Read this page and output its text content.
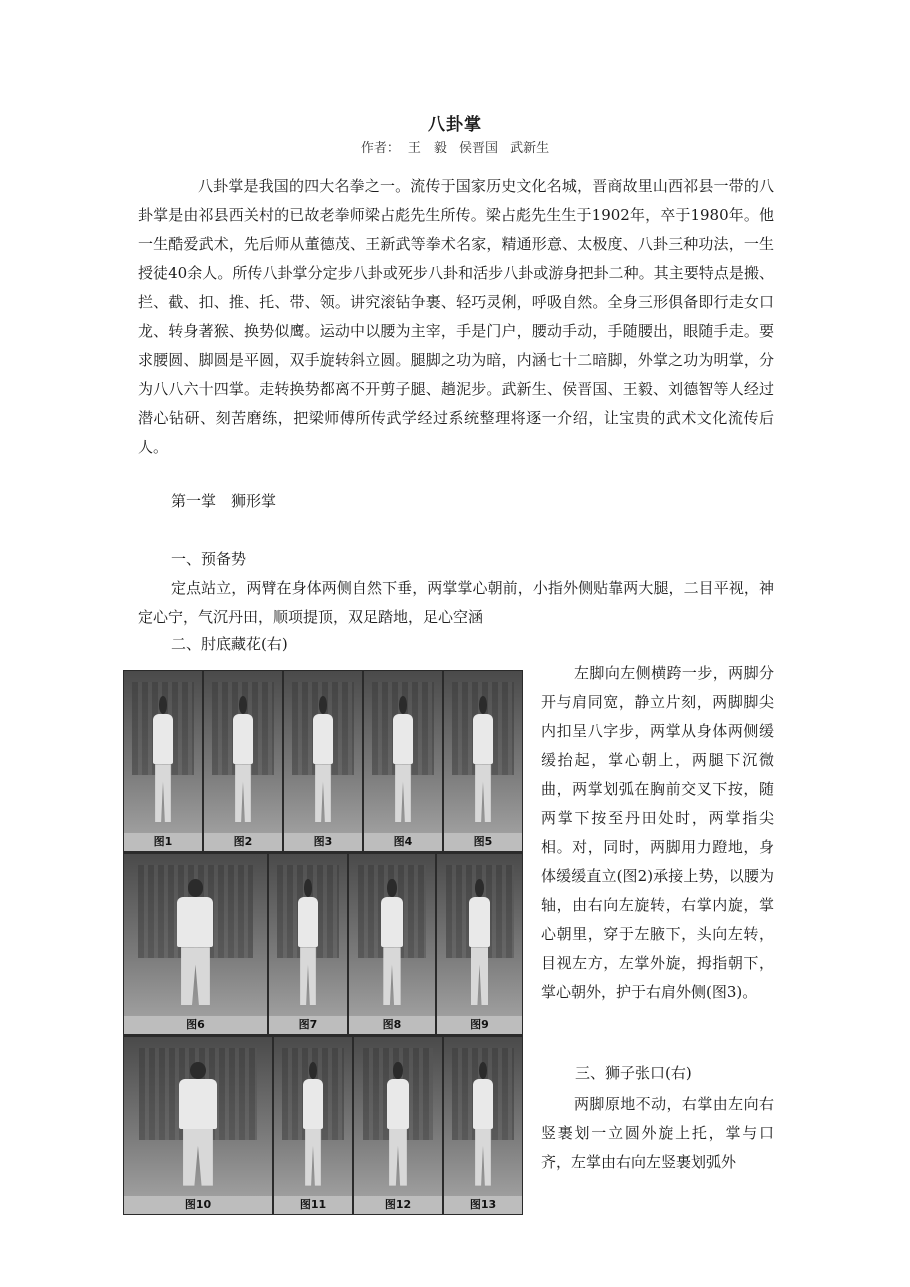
八卦掌
作者： 王　毅 侯晋国 武新生

八卦掌是我国的四大名拳之一。流传于国家历史文化名城，晋商故里山西祁县一带的八卦掌是由祁县西关村的已故老拳师梁占彪先生所传。梁占彪先生生于1902年，卒于1980年。他一生酷爱武术，先后师从董德茂、王新武等拳术名家，精通形意、太极度、八卦三种功法，一生授徒40余人。所传八卦掌分定步八卦或死步八卦和活步八卦或游身把卦二种。其主要特点是搬、拦、截、扣、推、托、带、领。讲究滚钻争裹、轻巧灵俐，呼吸自然。全身三形俱备即行走女口龙、转身著猴、换势似鹰。运动中以腰为主宰，手是门户，腰动手动，手随腰出，眼随手走。要求腰圆、脚圆是平圆，双手旋转斜立圆。腿脚之功为暗，内涵七十二暗脚，外掌之功为明掌，分为八八六十四掌。走转换势都离不开剪子腿、趟泥步。武新生、侯晋国、王毅、刘德智等人经过潜心钻研、刻苦磨练，把梁师傅所传武学经过系统整理将逐一介绍，让宝贵的武术文化流传后人。

第一掌　狮形掌

一、预备势

定点站立，两臂在身体两侧自然下垂，两掌掌心朝前，小指外侧贴靠两大腿，二目平视，神定心宁，气沉丹田，顺项提顶，双足踏地，足心空涵

二、肘底藏花(右)

图1	图2	图3	图4	图5
图6	图7	图8	图9
图10	图11	图12	图13

左脚向左侧横跨一步，两脚分开与肩同宽，静立片刻，两脚脚尖内扣呈八字步，两掌从身体两侧缓缓抬起，掌心朝上，两腿下沉微曲，两掌划弧在胸前交叉下按，随两掌下按至丹田处时，两掌指尖相。对，同时，两脚用力蹬地，身体缓缓直立(图2)承接上势，以腰为轴，由右向左旋转，右掌内旋，掌心朝里，穿于左腋下，头向左转，目视左方，左掌外旋，拇指朝下，掌心朝外，护于右肩外侧(图3)。

三、狮子张口(右)

两脚原地不动，右掌由左向右竖裹划一立圆外旋上托，掌与口齐，左掌由右向左竖裹划弧外
